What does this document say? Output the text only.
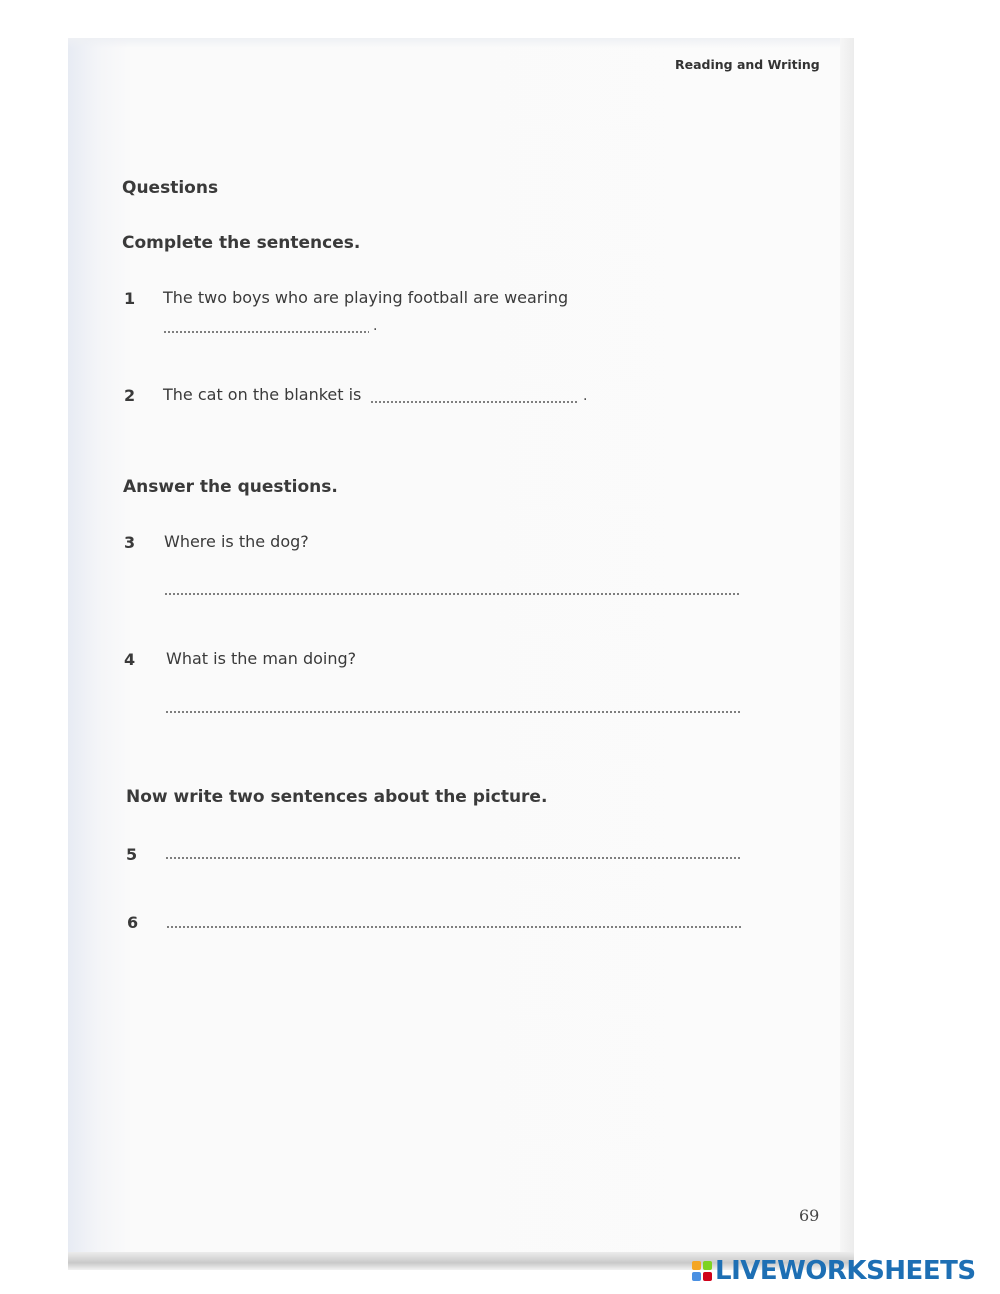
Reading and Writing
Questions
Complete the sentences.
1 The two boys who are playing football are wearing
.
2 The cat on the blanket is	.
Answer the questions.
3 Where is the dog?
4 What is the man doing?
Now write two sentences about the picture.
5
6
69
LIVEWORKSHEETS
